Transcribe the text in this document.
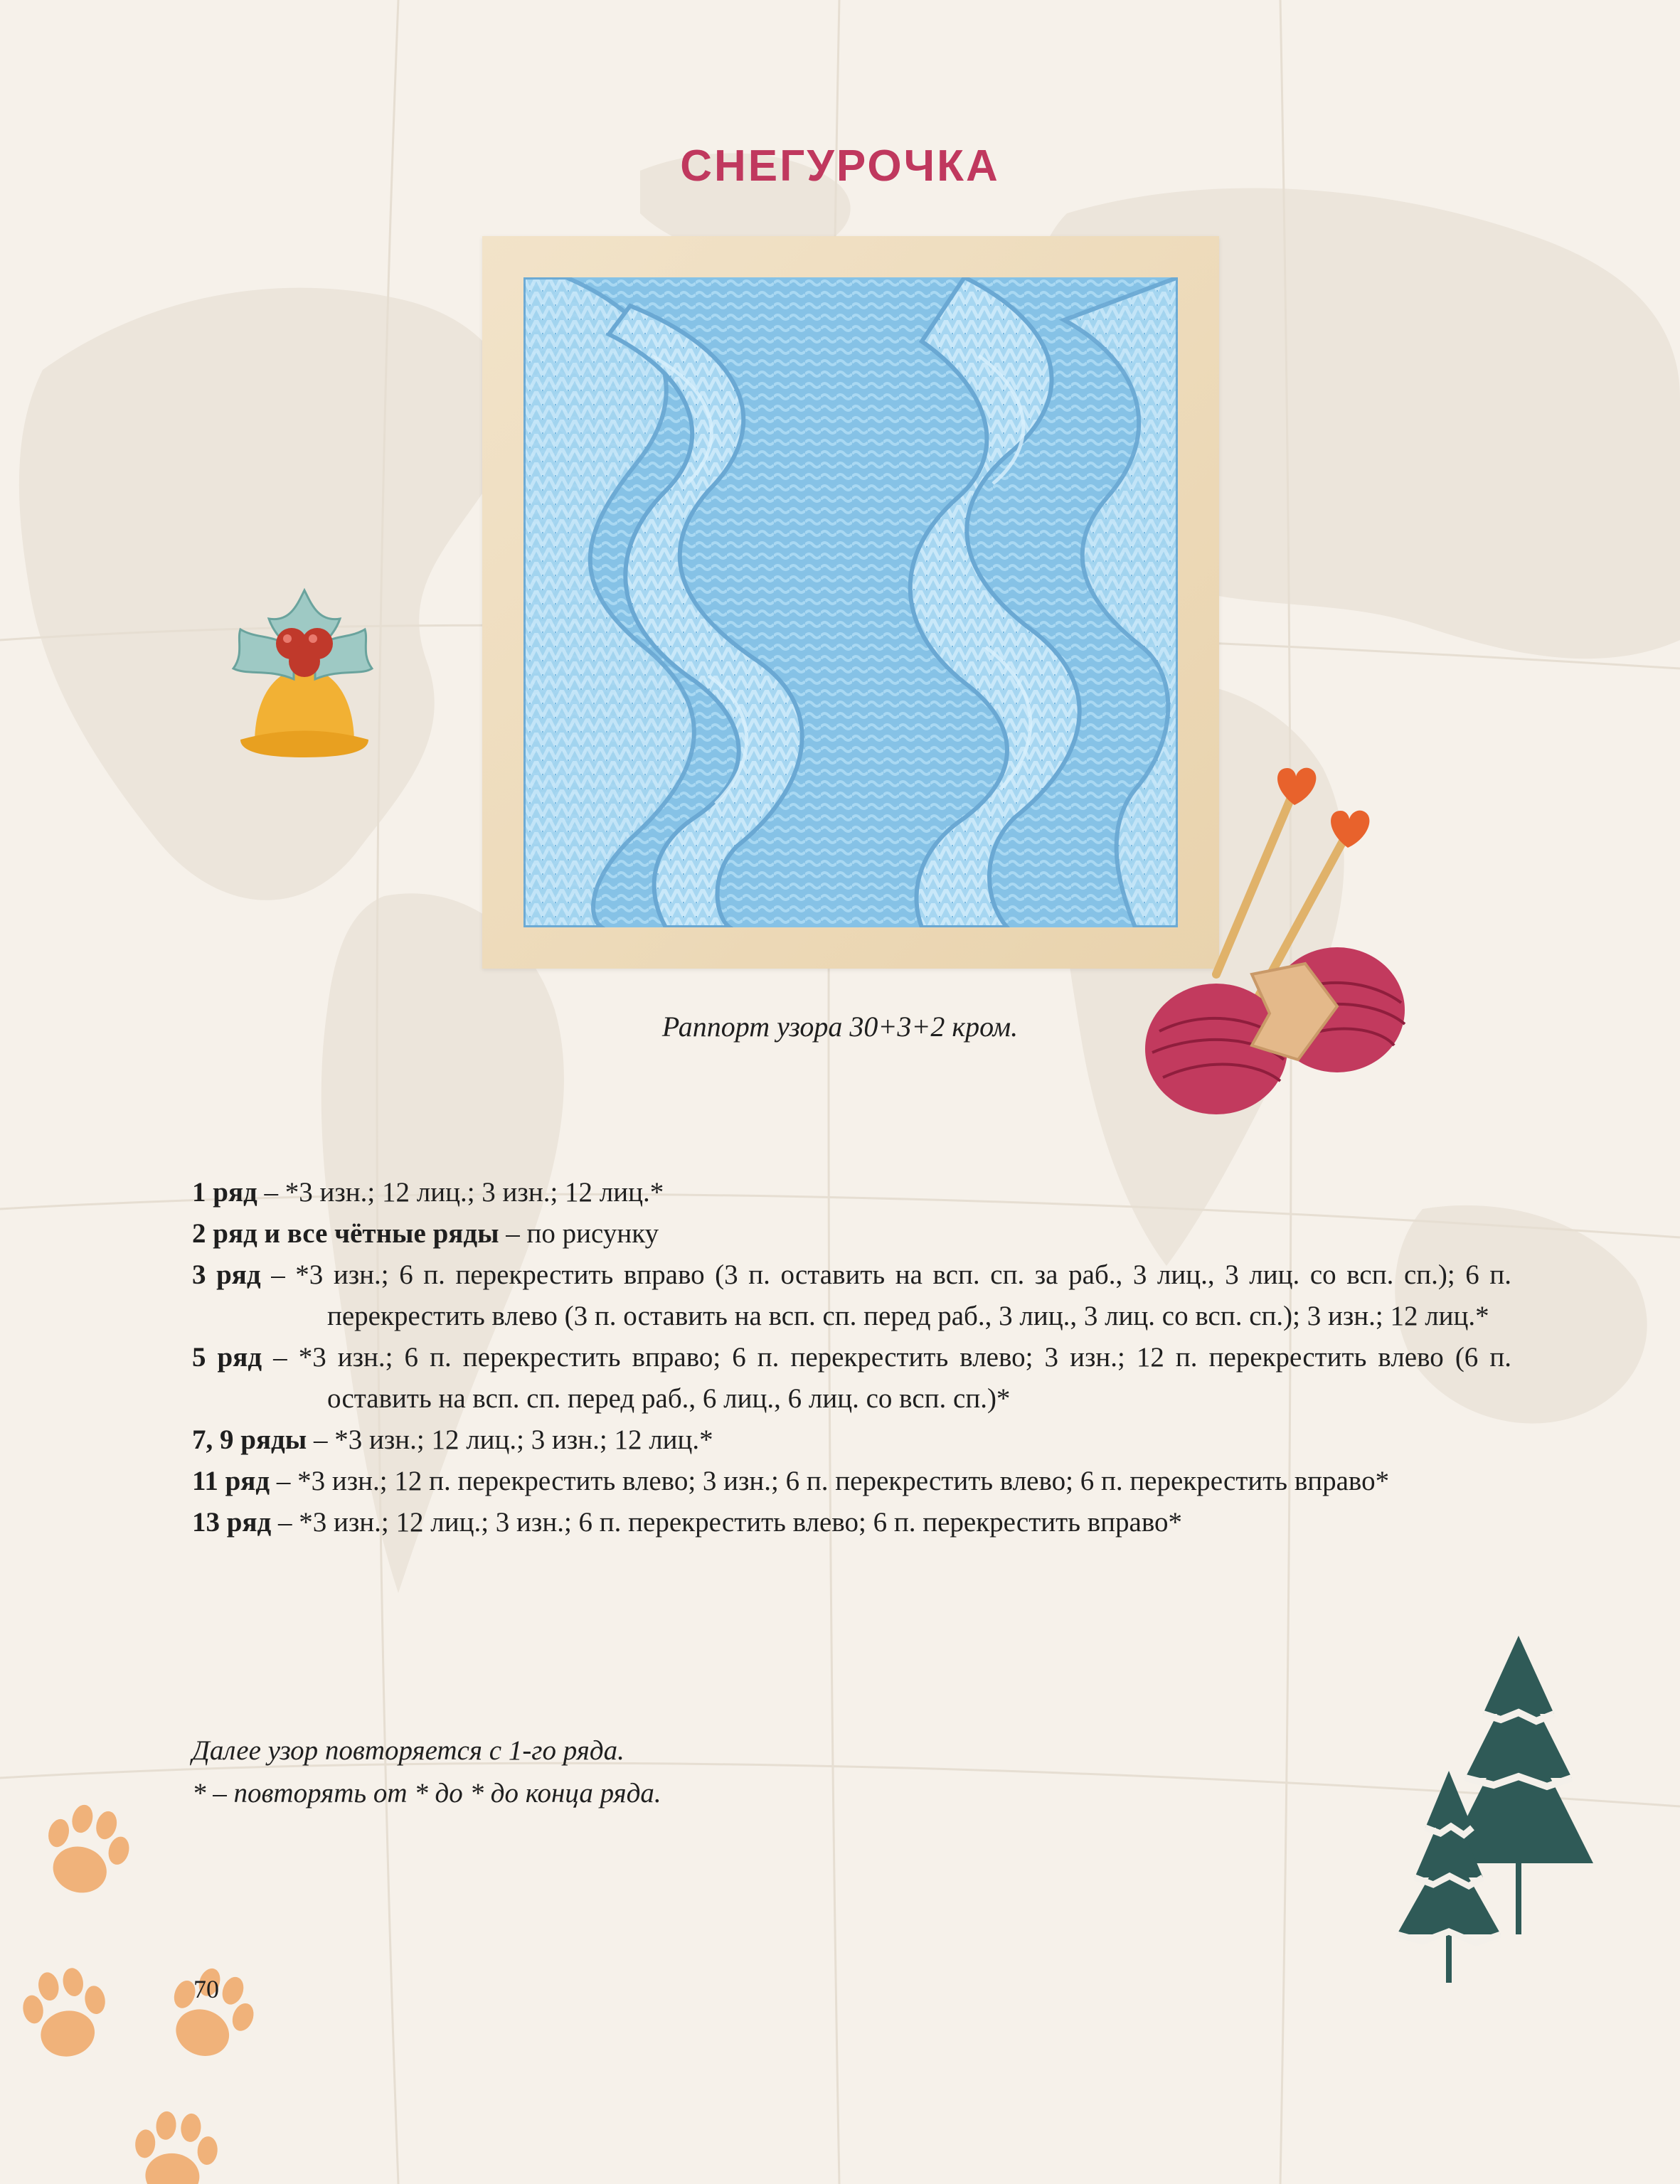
СНЕГУРОЧКА
Раппорт узора 30+3+2 кром.
1 ряд – *3 изн.; 12 лиц.; 3 изн.; 12 лиц.*
2 ряд и все чётные ряды – по рисунку
3 ряд – *3 изн.; 6 п. перекрестить вправо (3 п. оставить на всп. сп. за раб., 3 лиц., 3 лиц. со всп. сп.); 6 п. перекрестить влево (3 п. оставить на всп. сп. перед раб., 3 лиц., 3 лиц. со всп. сп.); 3 изн.; 12 лиц.*
5 ряд – *3 изн.; 6 п. перекрестить вправо; 6 п. перекрестить влево; 3 изн.; 12 п. перекрестить влево (6 п. оставить на всп. сп. перед раб., 6 лиц., 6 лиц. со всп. сп.)*
7, 9 ряды – *3 изн.; 12 лиц.; 3 изн.; 12 лиц.*
11 ряд – *3 изн.; 12 п. перекрестить влево; 3 изн.; 6 п. перекрестить влево; 6 п. перекрестить вправо*
13 ряд – *3 изн.; 12 лиц.; 3 изн.; 6 п. перекрестить влево; 6 п. перекрестить вправо*
Далее узор повторяется с 1-го ряда.
* – повторять от * до * до конца ряда.
70
